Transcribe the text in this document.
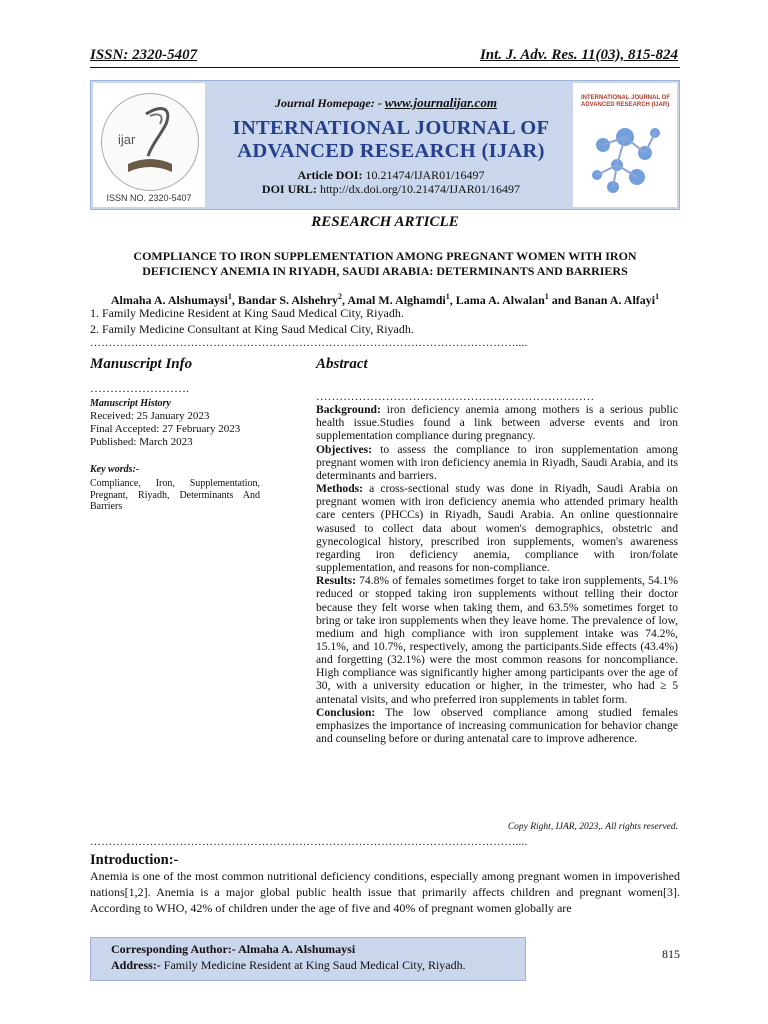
ISSN: 2320-5407	Int. J. Adv. Res. 11(03), 815-824
ijar
ISSN NO. 2320-5407
Journal Homepage: - www.journalijar.com
INTERNATIONAL JOURNAL OF ADVANCED RESEARCH (IJAR)
Article DOI: 10.21474/IJAR01/16497
DOI URL: http://dx.doi.org/10.21474/IJAR01/16497
INTERNATIONAL JOURNAL OF ADVANCED RESEARCH (IJAR)
RESEARCH ARTICLE
COMPLIANCE TO IRON SUPPLEMENTATION AMONG PREGNANT WOMEN WITH IRON
DEFICIENCY ANEMIA IN RIYADH, SAUDI ARABIA: DETERMINANTS AND BARRIERS
Almaha A. Alshumaysi$^1$, Bandar S. Alshehry$^2$, Amal M. Alghamdi$^1$, Lama A. Alwalan$^1$ and Banan A. Alfayi$^1$
1. Family Medicine Resident at King Saud Medical City, Riyadh.
2. Family Medicine Consultant at King Saud Medical City, Riyadh.
……………………………………………………………………………………………………....
Manuscript Info	Abstract
…………………….
Manuscript History
Received: 25 January 2023
Final Accepted: 27 February 2023
Published: March 2023
Key words:-
Compliance, Iron, Supplementation, Pregnant, Riyadh, Determinants And Barriers

………………………………………………………………

Background: iron deficiency anemia among mothers is a serious public health issue.Studies found a link between adverse events and iron supplementation compliance during pregnancy.

Objectives: to assess the compliance to iron supplementation among pregnant women with iron deficiency anemia in Riyadh, Saudi Arabia, and its determinants and barriers.

Methods: a cross-sectional study was done in Riyadh, Saudi Arabia on pregnant women with iron deficiency anemia who attended primary health care centers (PHCCs) in Riyadh, Saudi Arabia. An online questionnaire wasused to collect data about women's demographics, obstetric and gynecological history, prescribed iron supplements, women's awareness regarding iron deficiency anemia, compliance with iron/folate supplementation, and reasons for non-compliance.

Results: 74.8% of females sometimes forget to take iron supplements, 54.1% reduced or stopped taking iron supplements without telling their doctor because they felt worse when taking them, and 63.5% sometimes forget to bring or take iron supplements when they leave home. The prevalence of low, medium and high compliance with iron supplement intake was 74.2%, 15.1%, and 10.7%, respectively, among the participants.Side effects (43.4%) and forgetting (32.1%) were the most common reasons for noncompliance. High compliance was significantly higher among participants over the age of 30, with a university education or higher, in the trimester, who had ≥ 5 antenatal visits, and who preferred iron supplements in tablet form.

Conclusion: The low observed compliance among studied females emphasizes the importance of increasing communication for behavior change and counseling before or during antenatal care to improve adherence.

Copy Right, IJAR, 2023,. All rights reserved.
……………………………………………………………………………………………………....
Introduction:-

Anemia is one of the most common nutritional deficiency conditions, especially among pregnant women in impoverished nations[1,2]. Anemia is a major global public health issue that primarily affects children and pregnant women[3]. According to WHO, 42% of children under the age of five and 40% of pregnant women globally are

Corresponding Author:- Almaha A. Alshumaysi
Address:- Family Medicine Resident at King Saud Medical City, Riyadh.
815
